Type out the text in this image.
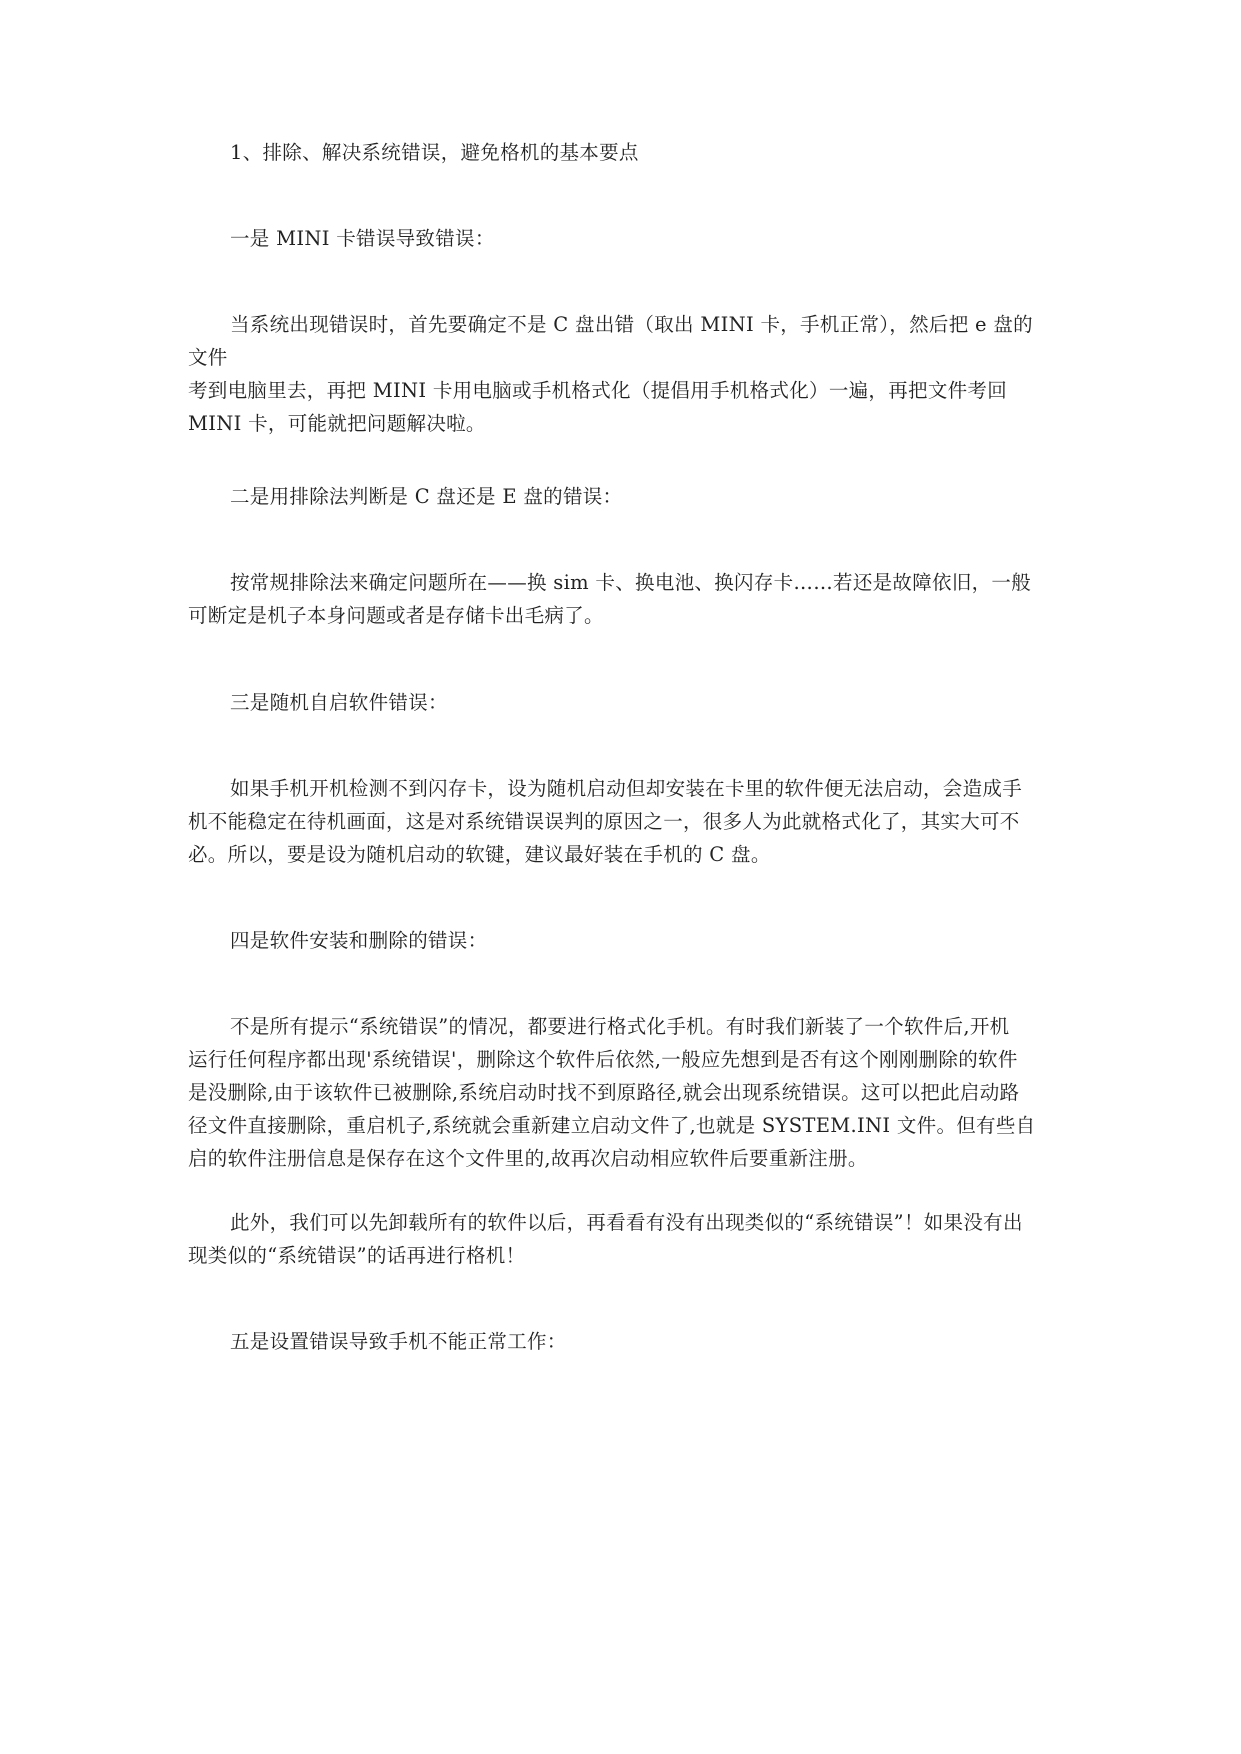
1、排除、解决系统错误，避免格机的基本要点

一是 MINI 卡错误导致错误：

当系统出现错误时，首先要确定不是 C 盘出错（取出 MINI 卡，手机正常），然后把 e 盘的
文件
考到电脑里去，再把 MINI 卡用电脑或手机格式化（提倡用手机格式化）一遍，再把文件考回
MINI 卡，可能就把问题解决啦。

二是用排除法判断是 C 盘还是 E 盘的错误：

按常规排除法来确定问题所在——换 sim 卡、换电池、换闪存卡……若还是故障依旧，一般
可断定是机子本身问题或者是存储卡出毛病了。

三是随机自启软件错误：

如果手机开机检测不到闪存卡，设为随机启动但却安装在卡里的软件便无法启动，会造成手
机不能稳定在待机画面，这是对系统错误误判的原因之一，很多人为此就格式化了，其实大可不
必。所以，要是设为随机启动的软键，建议最好装在手机的 C 盘。

四是软件安装和删除的错误：

不是所有提示“系统错误”的情况，都要进行格式化手机。有时我们新装了一个软件后,开机
运行任何程序都出现'系统错误'，删除这个软件后依然,一般应先想到是否有这个刚刚删除的软件
是没删除,由于该软件已被删除,系统启动时找不到原路径,就会出现系统错误。这可以把此启动路
径文件直接删除，重启机子,系统就会重新建立启动文件了,也就是 SYSTEM.INI 文件。但有些自
启的软件注册信息是保存在这个文件里的,故再次启动相应软件后要重新注册。
此外，我们可以先卸载所有的软件以后，再看看有没有出现类似的“系统错误”！如果没有出
现类似的“系统错误”的话再进行格机！

五是设置错误导致手机不能正常工作：
